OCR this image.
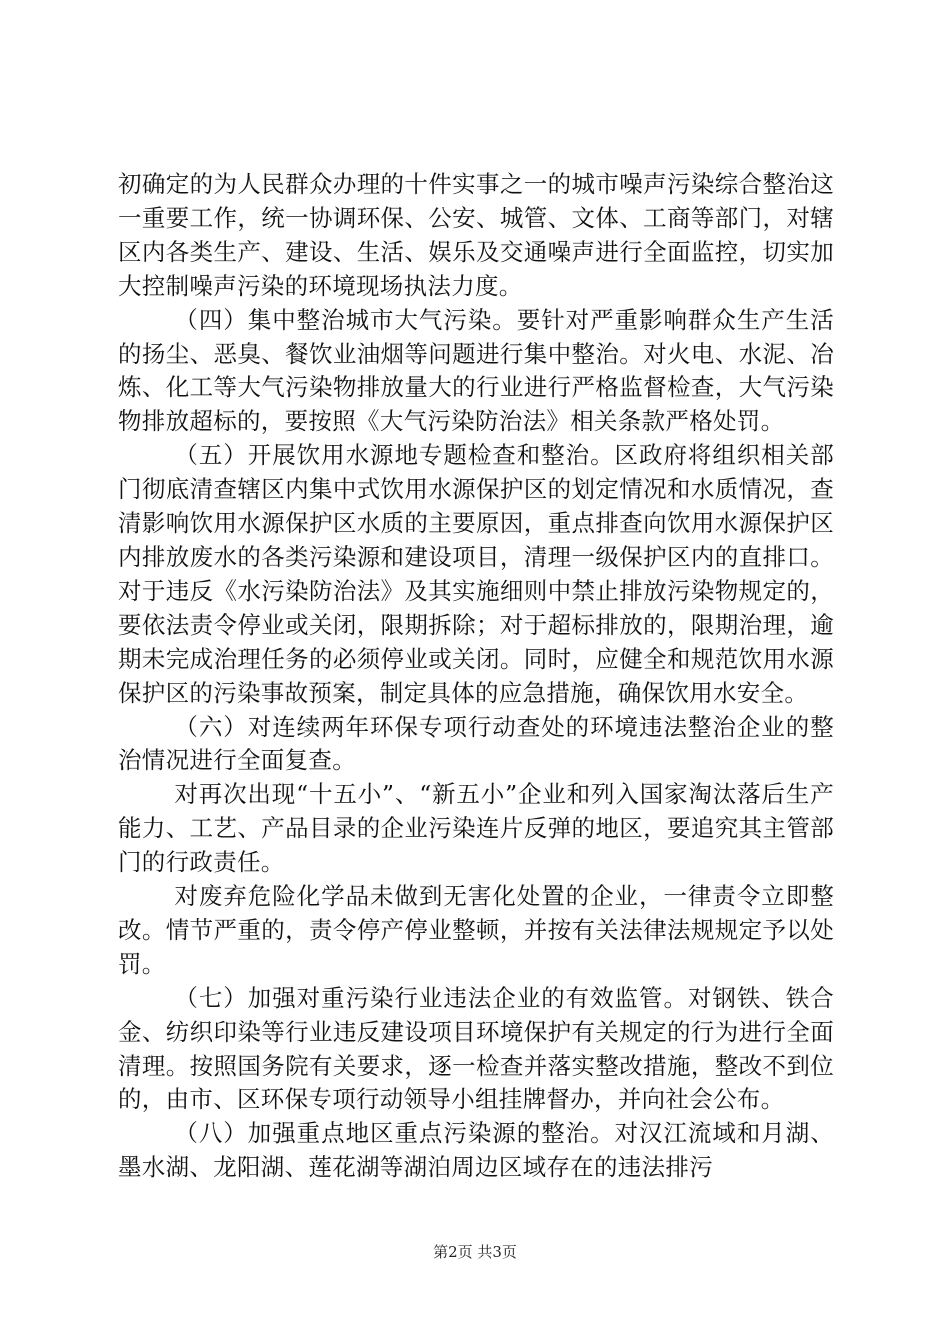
初确定的为人民群众办理的十件实事之一的城市噪声污染综合整治这一重要工作，统一协调环保、公安、城管、文体、工商等部门，对辖区内各类生产、建设、生活、娱乐及交通噪声进行全面监控，切实加大控制噪声污染的环境现场执法力度。

（四）集中整治城市大气污染。要针对严重影响群众生产生活的扬尘、恶臭、餐饮业油烟等问题进行集中整治。对火电、水泥、冶炼、化工等大气污染物排放量大的行业进行严格监督检查，大气污染物排放超标的，要按照《大气污染防治法》相关条款严格处罚。

（五）开展饮用水源地专题检查和整治。区政府将组织相关部门彻底清查辖区内集中式饮用水源保护区的划定情况和水质情况，查清影响饮用水源保护区水质的主要原因，重点排查向饮用水源保护区内排放废水的各类污染源和建设项目，清理一级保护区内的直排口。对于违反《水污染防治法》及其实施细则中禁止排放污染物规定的，要依法责令停业或关闭，限期拆除；对于超标排放的，限期治理，逾期未完成治理任务的必须停业或关闭。同时，应健全和规范饮用水源保护区的污染事故预案，制定具体的应急措施，确保饮用水安全。

（六）对连续两年环保专项行动查处的环境违法整治企业的整治情况进行全面复查。

对再次出现“十五小”、“新五小”企业和列入国家淘汰落后生产能力、工艺、产品目录的企业污染连片反弹的地区，要追究其主管部门的行政责任。

对废弃危险化学品未做到无害化处置的企业，一律责令立即整改。情节严重的，责令停产停业整顿，并按有关法律法规规定予以处罚。

（七）加强对重污染行业违法企业的有效监管。对钢铁、铁合金、纺织印染等行业违反建设项目环境保护有关规定的行为进行全面清理。按照国务院有关要求，逐一检查并落实整改措施，整改不到位的，由市、区环保专项行动领导小组挂牌督办，并向社会公布。

（八）加强重点地区重点污染源的整治。对汉江流域和月湖、墨水湖、龙阳湖、莲花湖等湖泊周边区域存在的违法排污

第2页 共3页
